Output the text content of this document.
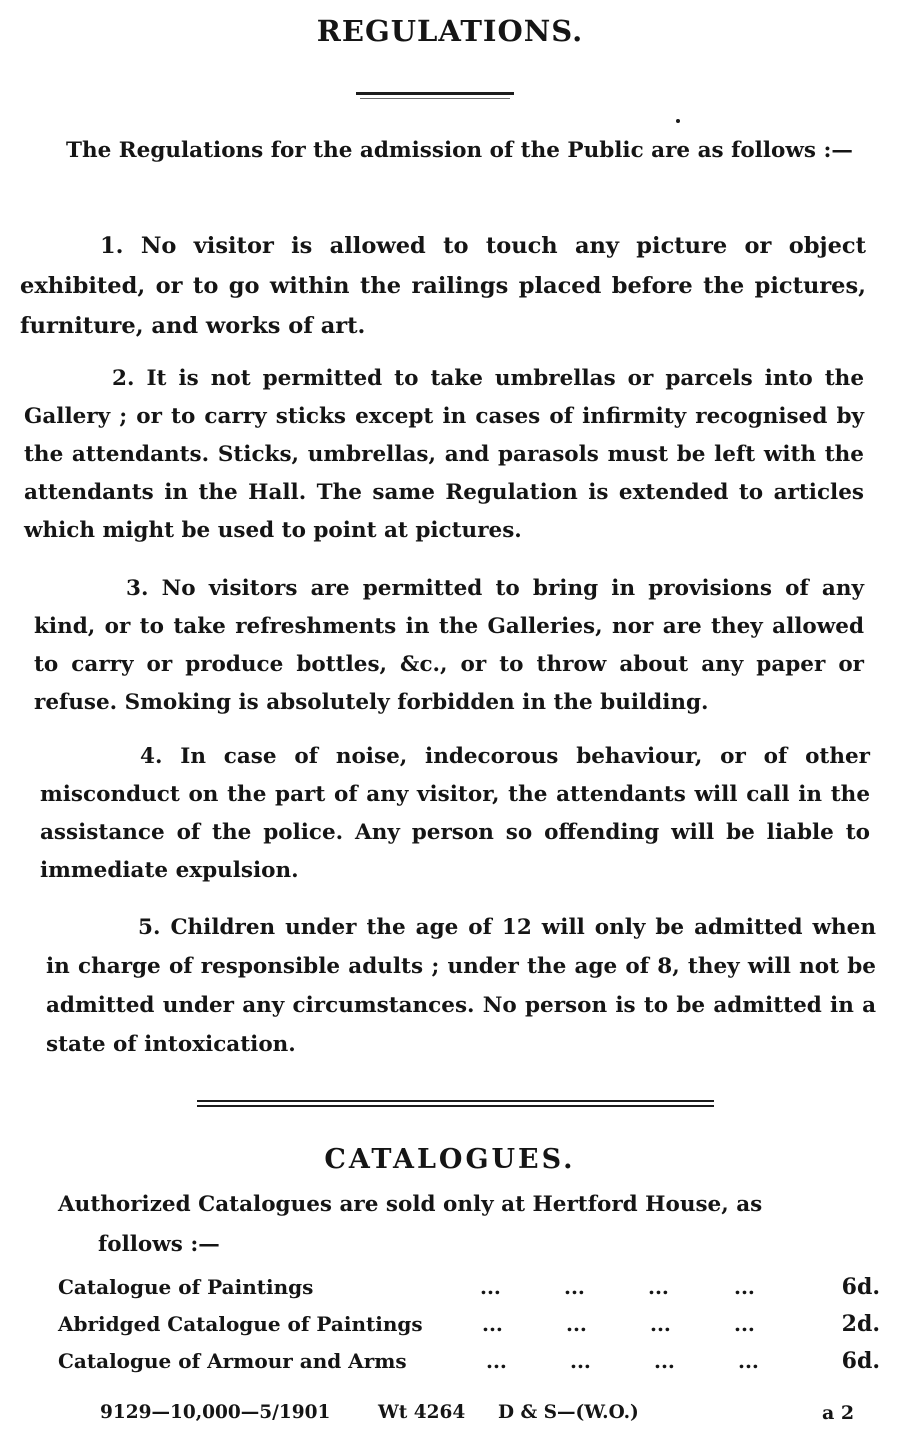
REGULATIONS.

The Regulations for the admission of the Public are as follows :—

1. No visitor is allowed to touch any picture or object exhibited, or to go within the railings placed before the pictures, furniture, and works of art.

2. It is not permitted to take umbrellas or parcels into the Gallery ; or to carry sticks except in cases of infirmity recognised by the attendants. Sticks, umbrellas, and parasols must be left with the attendants in the Hall. The same Regulation is extended to articles which might be used to point at pictures.

3. No visitors are permitted to bring in provisions of any kind, or to take refreshments in the Galleries, nor are they allowed to carry or produce bottles, &c., or to throw about any paper or refuse. Smoking is absolutely forbidden in the building.

4. In case of noise, indecorous behaviour, or of other misconduct on the part of any visitor, the attendants will call in the assistance of the police. Any person so offending will be liable to immediate expulsion.

5. Children under the age of 12 will only be admitted when in charge of responsible adults ; under the age of 8, they will not be admitted under any circumstances. No person is to be admitted in a state of intoxication.

CATALOGUES.

Authorized Catalogues are sold only at Hertford House, as

follows :—
Catalogue of Paintings	...	...	...	...	6d.
Abridged Catalogue of Paintings	...	...	...	...	2d.
Catalogue of Armour and Arms	...	...	...	...	6d.
9129—10,000—5/1901	Wt 4264 D & S—(W.O.)	a 2
